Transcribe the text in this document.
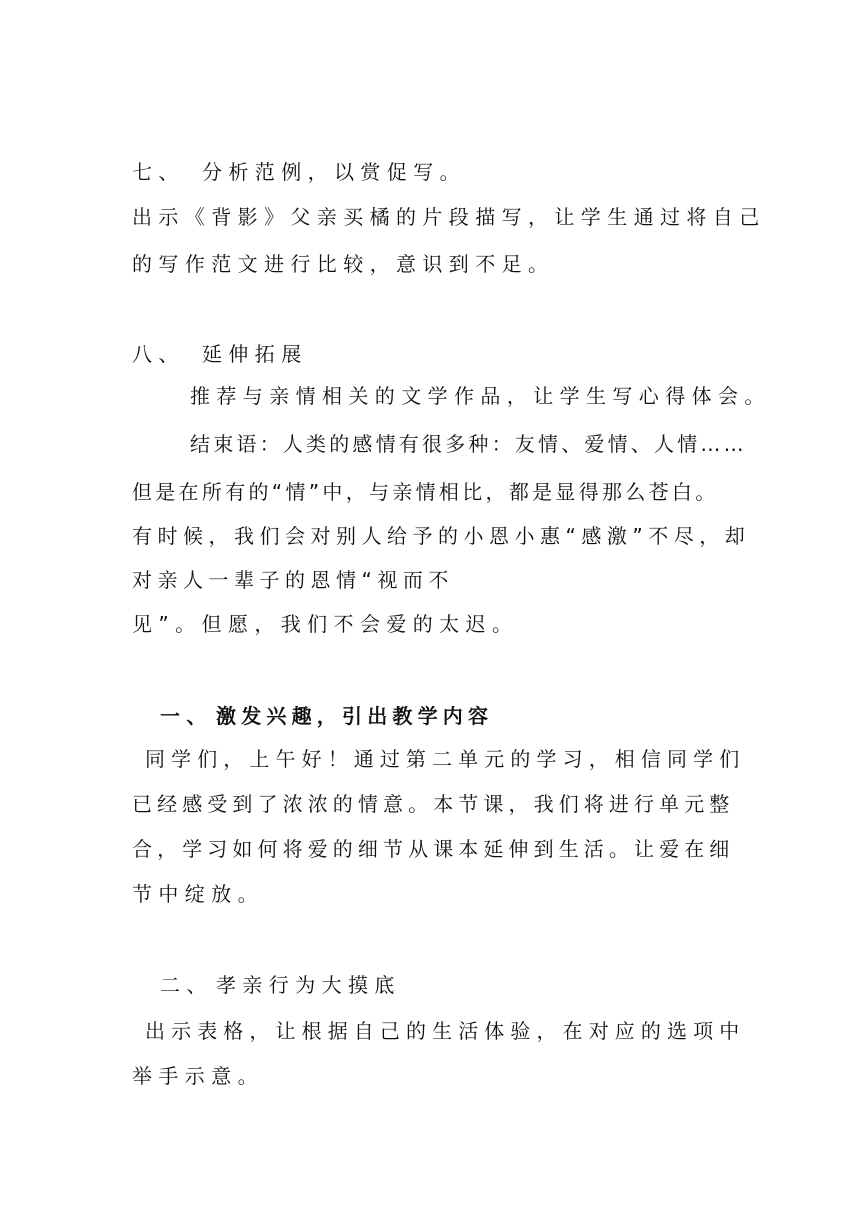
七、 分析范例，以赏促写。
出示《背影》父亲买橘的片段描写，让学生通过将自己
的写作范文进行比较，意识到不足。
八、 延伸拓展
推荐与亲情相关的文学作品，让学生写心得体会。
结束语：人类的感情有很多种：友情、爱情、人情……
但是在所有的“情”中，与亲情相比，都是显得那么苍白。
有时候，我们会对别人给予的小恩小惠“感激”不尽，却
对亲人一辈子的恩情“视而不
见”。但愿，我们不会爱的太迟。
一、 激发兴趣，引出教学内容
同学们，上午好！通过第二单元的学习，相信同学们
已经感受到了浓浓的情意。本节课，我们将进行单元整
合，学习如何将爱的细节从课本延伸到生活。让爱在细
节中绽放。
二、 孝亲行为大摸底
出示表格，让根据自己的生活体验，在对应的选项中
举手示意。
